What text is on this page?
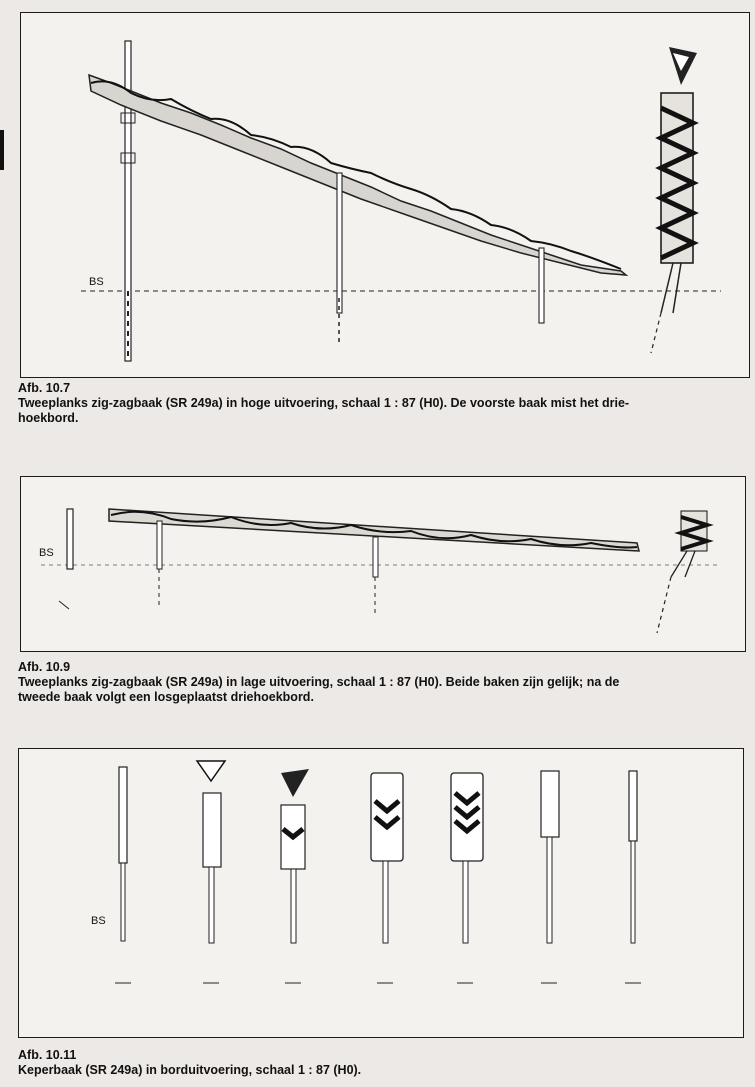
BS
Afb. 10.7
Tweeplanks zig-zagbaak (SR 249a) in hoge uitvoering, schaal 1 : 87 (H0). De voorste baak mist het drie-
hoekbord.
BS
Afb. 10.9
Tweeplanks zig-zagbaak (SR 249a) in lage uitvoering, schaal 1 : 87 (H0). Beide baken zijn gelijk; na de
tweede baak volgt een losgeplaatst driehoekbord.
BS
Afb. 10.11
Keperbaak (SR 249a) in borduitvoering, schaal 1 : 87 (H0).
